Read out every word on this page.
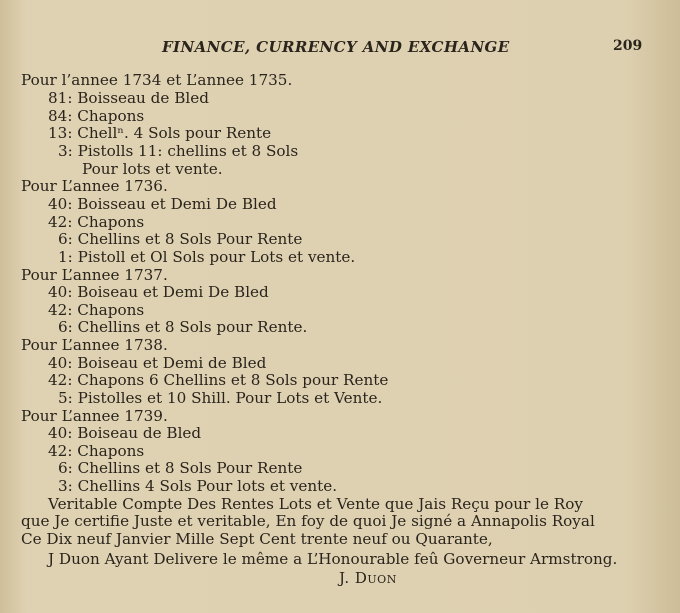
FINANCE, CURRENCY AND EXCHANGE	209
Pour l’annee 1734 et L’annee 1735.
81: Boisseau de Bled
84: Chapons
13: Chellⁿ. 4 Sols pour Rente
3: Pistolls 11: chellins et 8 Sols
Pour lots et vente.
Pour L’annee 1736.
40: Boisseau et Demi De Bled
42: Chapons
6: Chellins et 8 Sols Pour Rente
1: Pistoll et Ol Sols pour Lots et vente.
Pour L’annee 1737.
40: Boiseau et Demi De Bled
42: Chapons
6: Chellins et 8 Sols pour Rente.
Pour L’annee 1738.
40: Boiseau et Demi de Bled
42: Chapons 6 Chellins et 8 Sols pour Rente
5: Pistolles et 10 Shill. Pour Lots et Vente.
Pour L’annee 1739.
40: Boiseau de Bled
42: Chapons
6: Chellins et 8 Sols Pour Rente
3: Chellins 4 Sols Pour lots et vente.
Veritable Compte Des Rentes Lots et Vente que Jais Reçu pour le Roy
que Je certifie Juste et veritable, En foy de quoi Je signé a Annapolis Royal
Ce Dix neuf Janvier Mille Sept Cent trente neuf ou Quarante,
J Duon Ayant Delivere le même a L’Honourable feû Governeur Armstrong.
J. Duon
